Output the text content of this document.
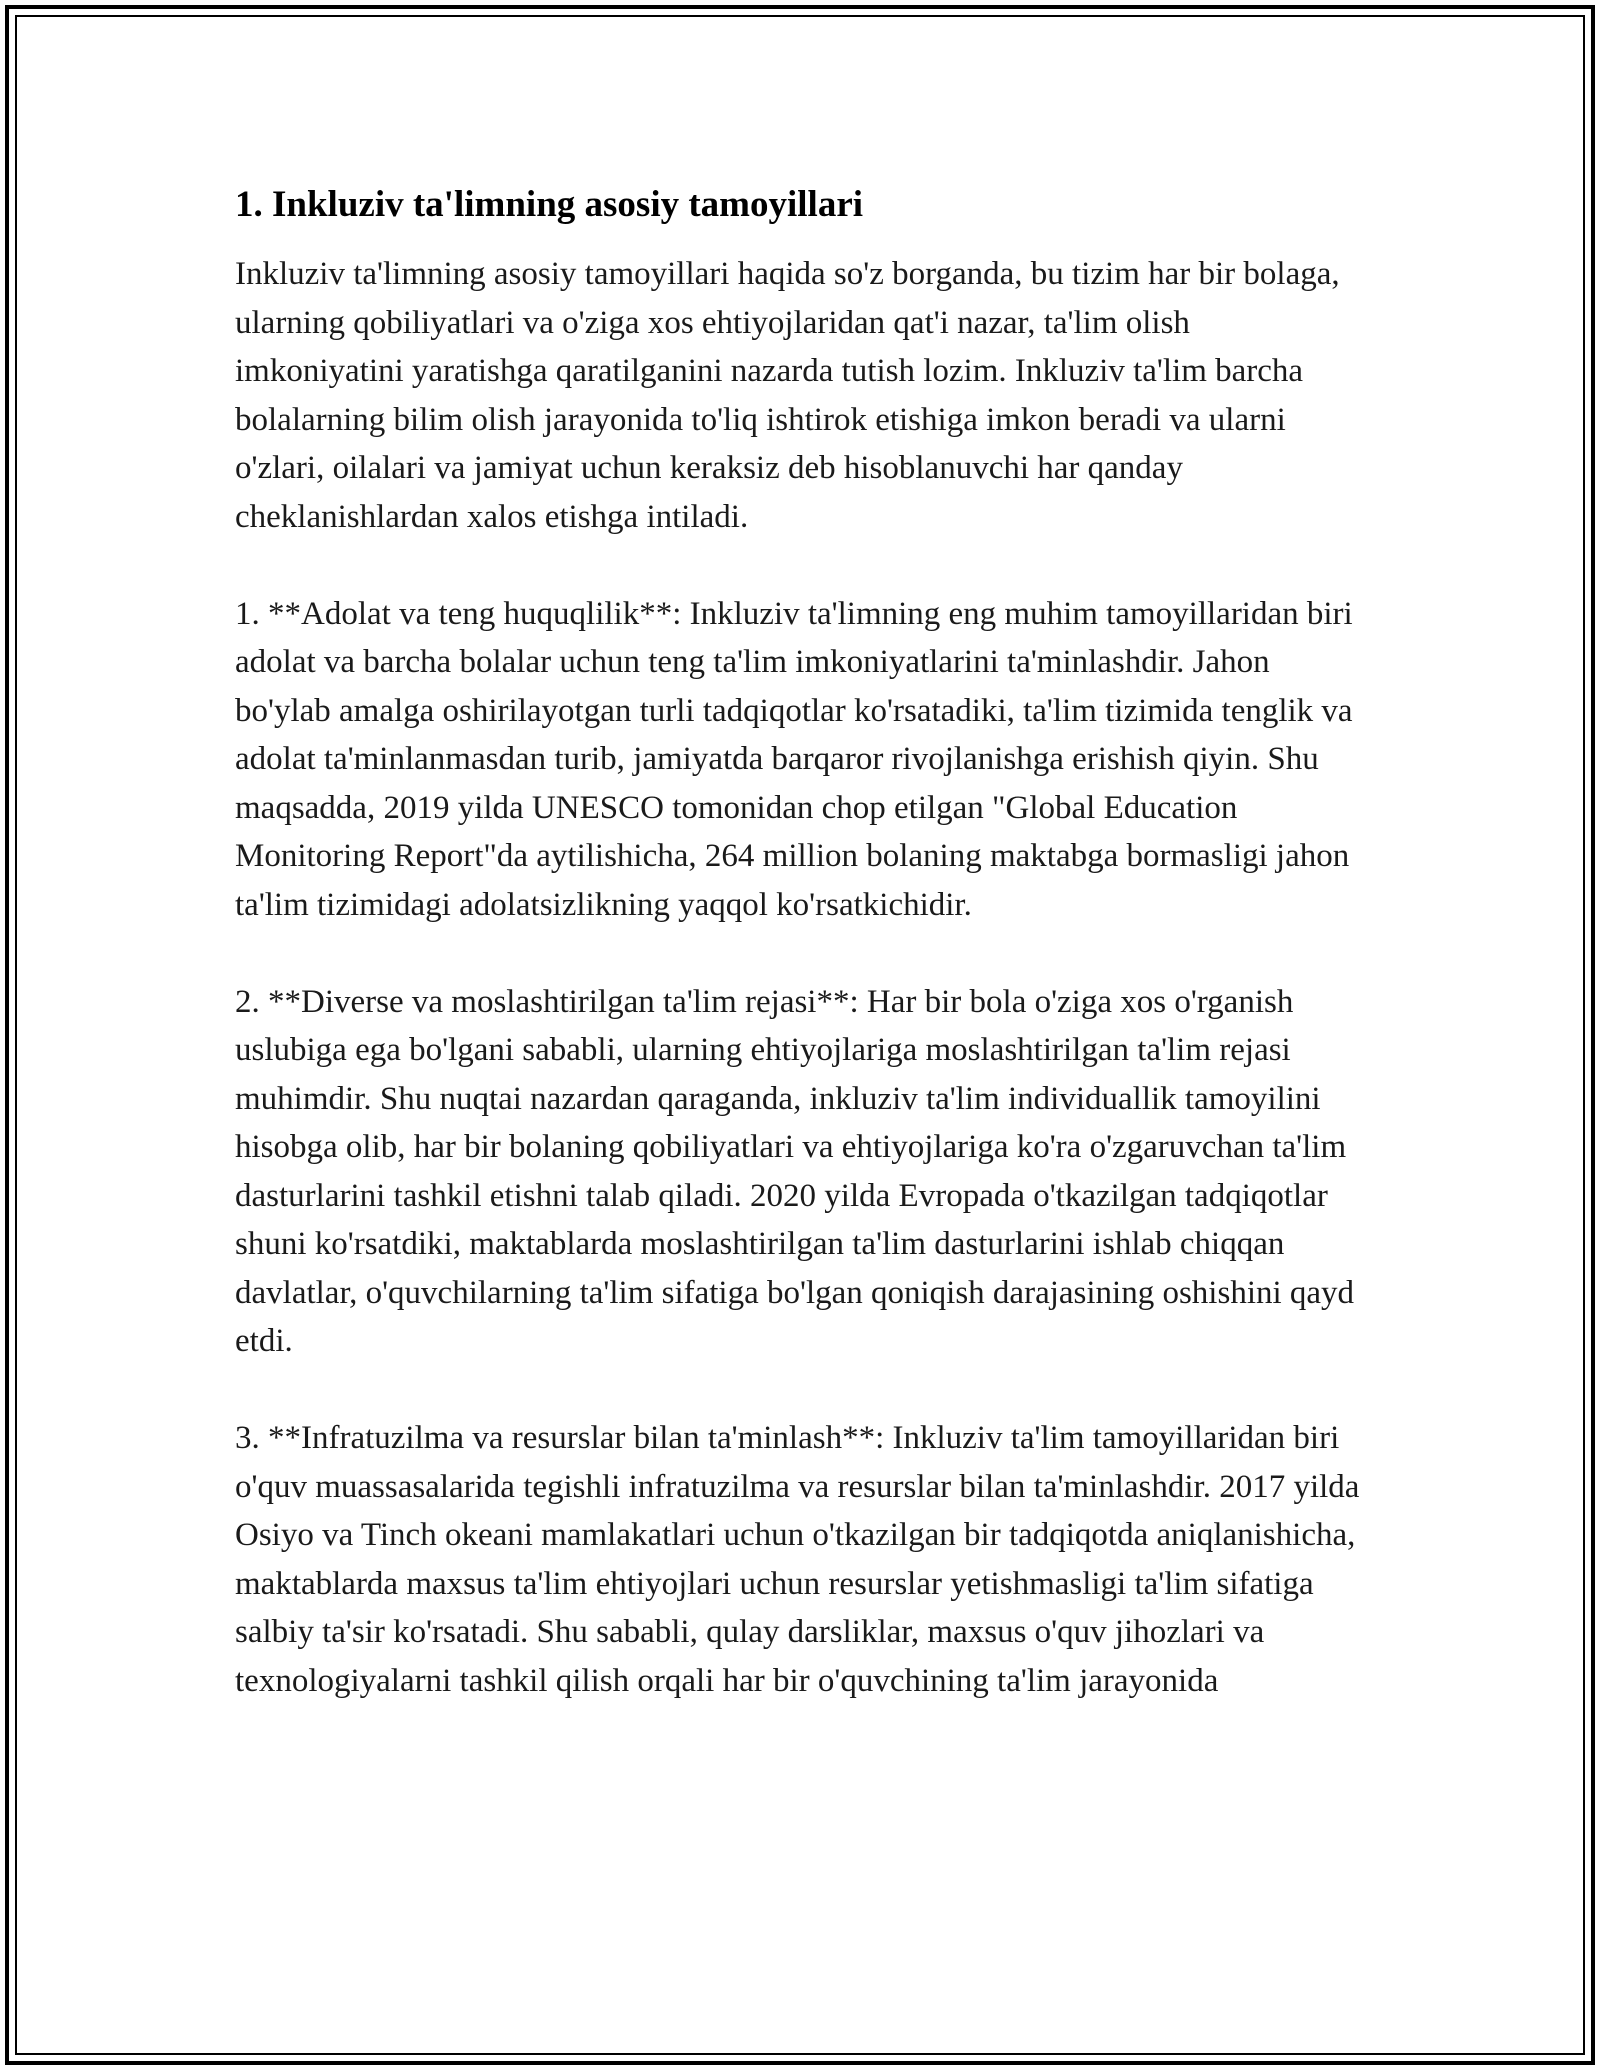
1. Inkluziv ta'limning asosiy tamoyillari

Inkluziv ta'limning asosiy tamoyillari haqida so'z borganda, bu tizim har bir bolaga, ularning qobiliyatlari va o'ziga xos ehtiyojlaridan qat'i nazar, ta'lim olish imkoniyatini yaratishga qaratilganini nazarda tutish lozim. Inkluziv ta'lim barcha bolalarning bilim olish jarayonida to'liq ishtirok etishiga imkon beradi va ularni o'zlari, oilalari va jamiyat uchun keraksiz deb hisoblanuvchi har qanday cheklanishlardan xalos etishga intiladi.

1. **Adolat va teng huquqlilik**: Inkluziv ta'limning eng muhim tamoyillaridan biri adolat va barcha bolalar uchun teng ta'lim imkoniyatlarini ta'minlashdir. Jahon bo'ylab amalga oshirilayotgan turli tadqiqotlar ko'rsatadiki, ta'lim tizimida tenglik va adolat ta'minlanmasdan turib, jamiyatda barqaror rivojlanishga erishish qiyin. Shu maqsadda, 2019 yilda UNESCO tomonidan chop etilgan "Global Education Monitoring Report"da aytilishicha, 264 million bolaning maktabga bormasligi jahon ta'lim tizimidagi adolatsizlikning yaqqol ko'rsatkichidir.

2. **Diverse va moslashtirilgan ta'lim rejasi**: Har bir bola o'ziga xos o'rganish uslubiga ega bo'lgani sababli, ularning ehtiyojlariga moslashtirilgan ta'lim rejasi muhimdir. Shu nuqtai nazardan qaraganda, inkluziv ta'lim individuallik tamoyilini hisobga olib, har bir bolaning qobiliyatlari va ehtiyojlariga ko'ra o'zgaruvchan ta'lim dasturlarini tashkil etishni talab qiladi. 2020 yilda Evropada o'tkazilgan tadqiqotlar shuni ko'rsatdiki, maktablarda moslashtirilgan ta'lim dasturlarini ishlab chiqqan davlatlar, o'quvchilarning ta'lim sifatiga bo'lgan qoniqish darajasining oshishini qayd etdi.

3. **Infratuzilma va resurslar bilan ta'minlash**: Inkluziv ta'lim tamoyillaridan biri o'quv muassasalarida tegishli infratuzilma va resurslar bilan ta'minlashdir. 2017 yilda Osiyo va Tinch okeani mamlakatlari uchun o'tkazilgan bir tadqiqotda aniqlanishicha, maktablarda maxsus ta'lim ehtiyojlari uchun resurslar yetishmasligi ta'lim sifatiga salbiy ta'sir ko'rsatadi. Shu sababli, qulay darsliklar, maxsus o'quv jihozlari va texnologiyalarni tashkil qilish orqali har bir o'quvchining ta'lim jarayonida
